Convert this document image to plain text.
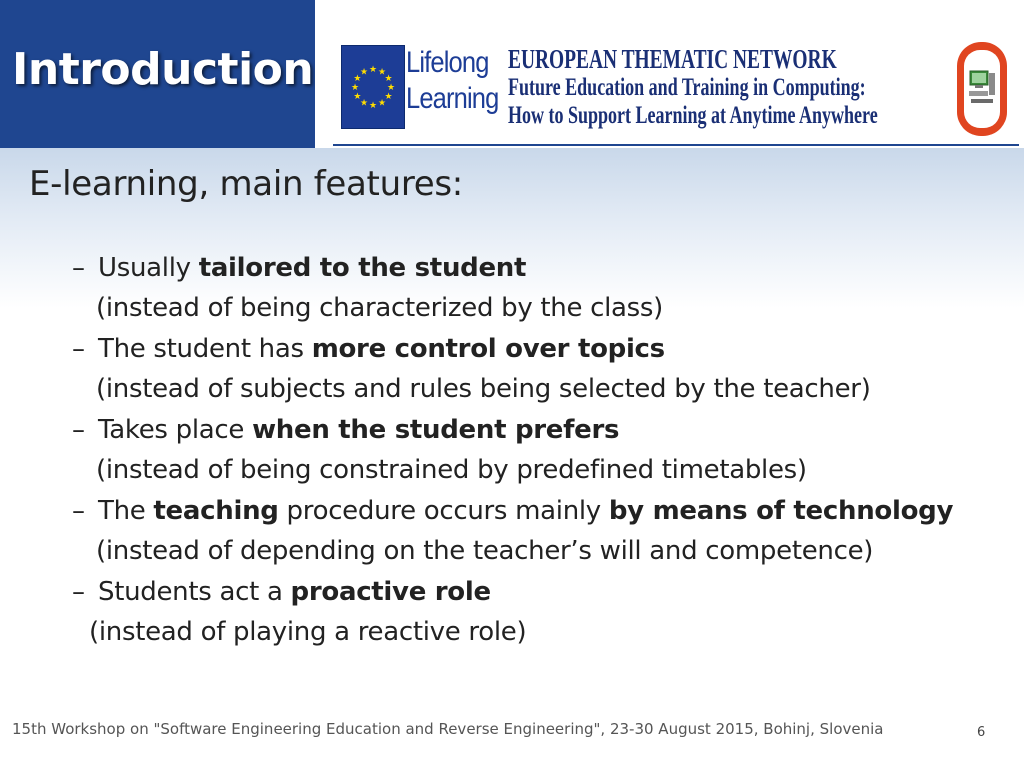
Introduction	★ ★
★
★
★
★
★
★
★
★
★
★ Lifelong
Learning
EUROPEAN THEMATIC NETWORK
Future Education and Training in Computing:
How to Support Learning at Anytime Anywhere
E-learning, main features:
– Usually tailored to the student
(instead of being characterized by the class)
– The student has more control over topics
(instead of subjects and rules being selected by the teacher)
– Takes place when the student prefers
(instead of being constrained by predefined timetables)
– The teaching procedure occurs mainly by means of technology
(instead of depending on the teacher’s will and competence)
– Students act a proactive role
(instead of playing a reactive role)
15th Workshop on "Software Engineering Education and Reverse Engineering", 23-30 August 2015, Bohinj, Slovenia	6
